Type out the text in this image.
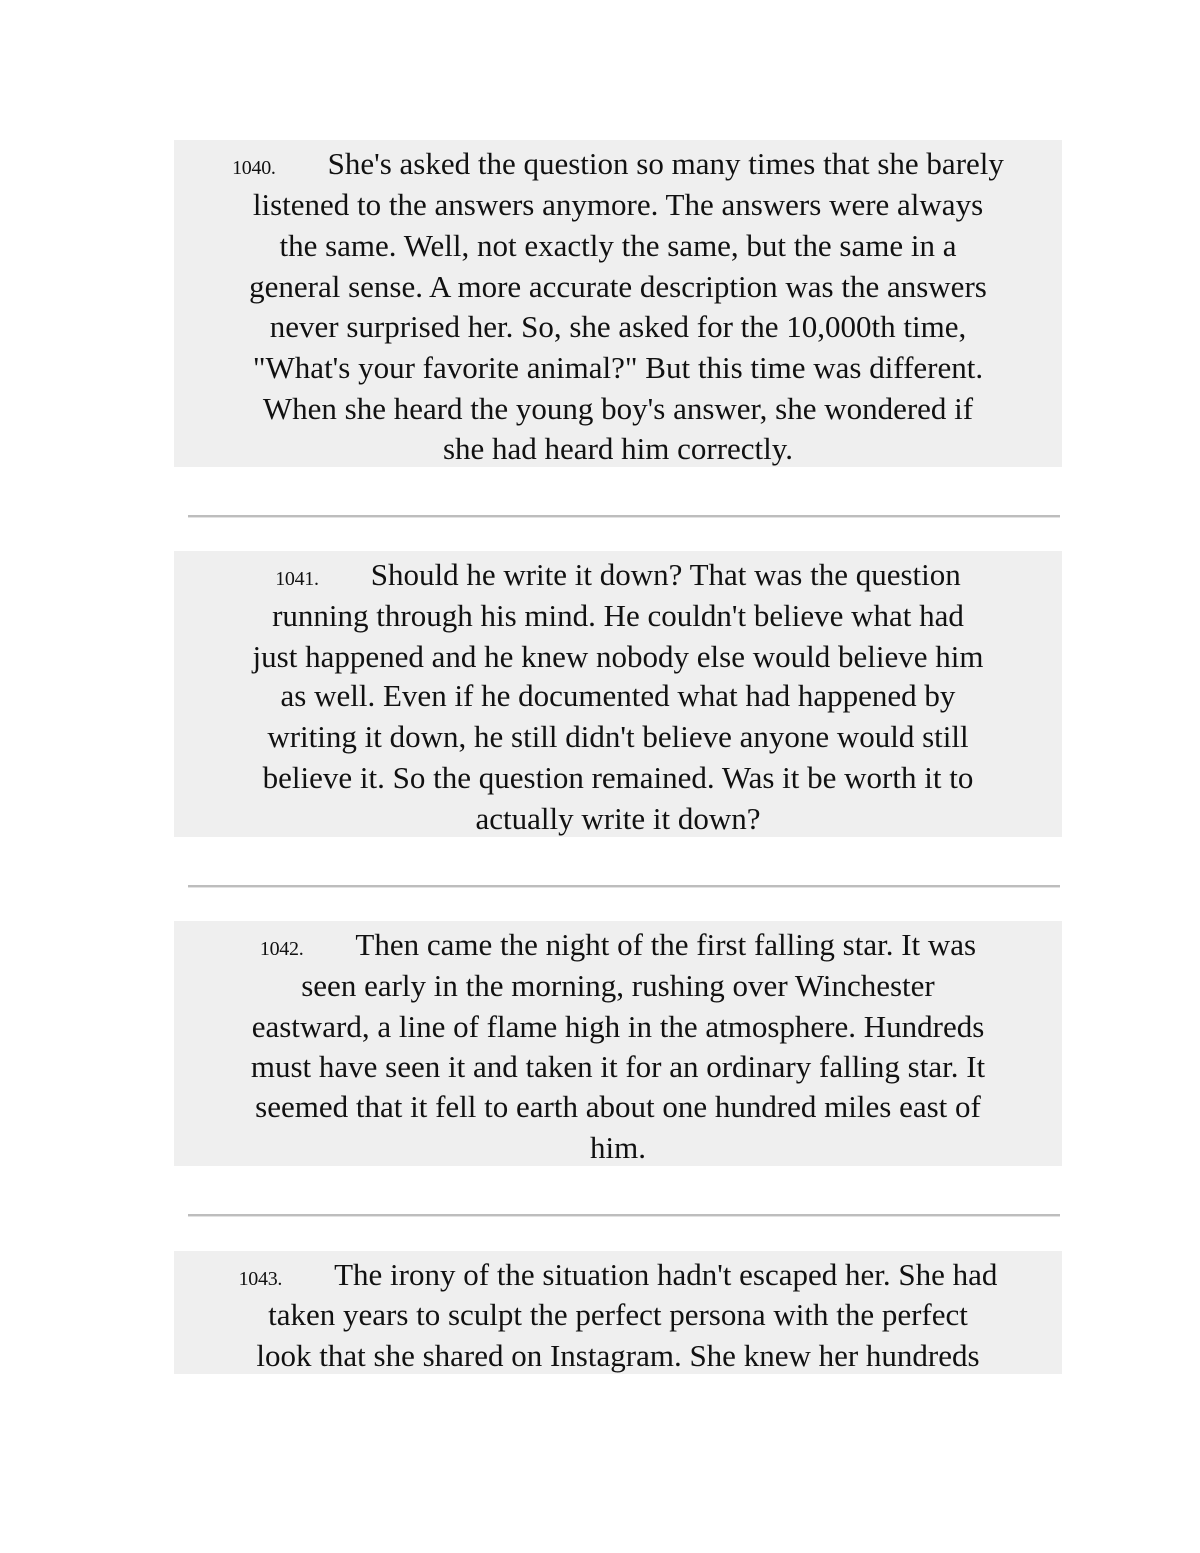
1040. She's asked the question so many times that she barely
listened to the answers anymore. The answers were always
the same. Well, not exactly the same, but the same in a
general sense. A more accurate description was the answers
never surprised her. So, she asked for the 10,000th time,
"What's your favorite animal?" But this time was different.
When she heard the young boy's answer, she wondered if
she had heard him correctly.
1041. Should he write it down? That was the question
running through his mind. He couldn't believe what had
just happened and he knew nobody else would believe him
as well. Even if he documented what had happened by
writing it down, he still didn't believe anyone would still
believe it. So the question remained. Was it be worth it to
actually write it down?
1042. Then came the night of the first falling star. It was
seen early in the morning, rushing over Winchester
eastward, a line of flame high in the atmosphere. Hundreds
must have seen it and taken it for an ordinary falling star. It
seemed that it fell to earth about one hundred miles east of
him.
1043. The irony of the situation hadn't escaped her. She had
taken years to sculpt the perfect persona with the perfect
look that she shared on Instagram. She knew her hundreds
